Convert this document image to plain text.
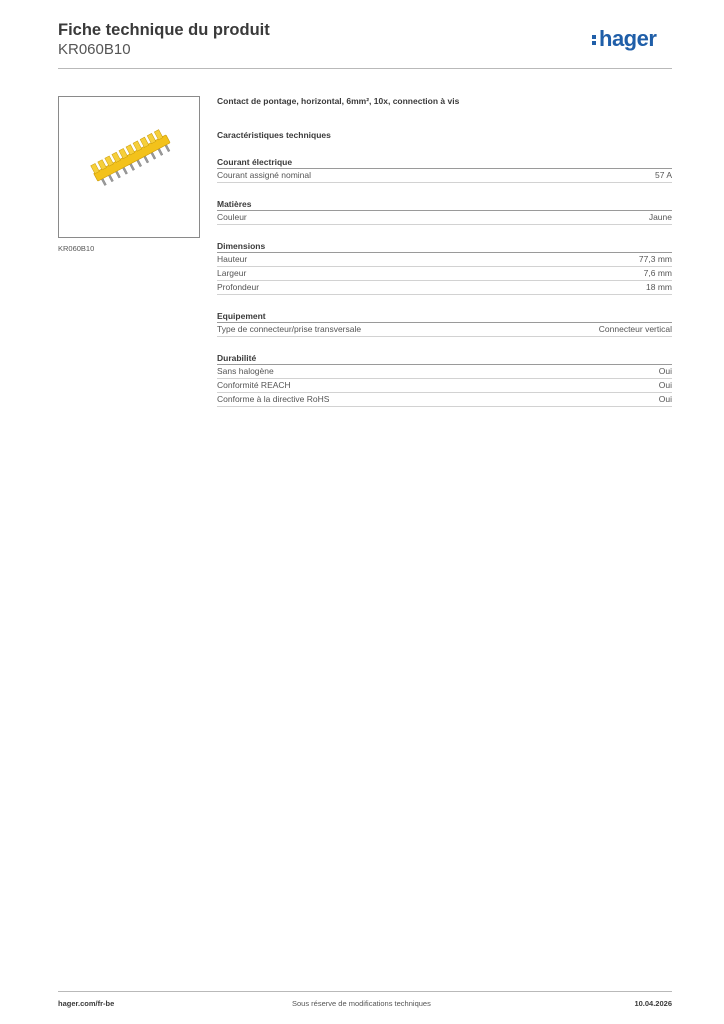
Fiche technique du produit
KR060B10	hager
KR060B10
Contact de pontage, horizontal, 6mm², 10x, connection à vis
Caractéristiques techniques
Courant électrique
Courant assigné nominal	57 A
Matières
Couleur	Jaune
Dimensions
Hauteur	77,3 mm
Largeur	7,6 mm
Profondeur	18 mm
Equipement
Type de connecteur/prise transversale	Connecteur vertical
Durabilité
Sans halogène	Oui
Conformité REACH	Oui
Conforme à la directive RoHS	Oui
hager.com/fr-be	Sous réserve de modifications techniques	10.04.2026
